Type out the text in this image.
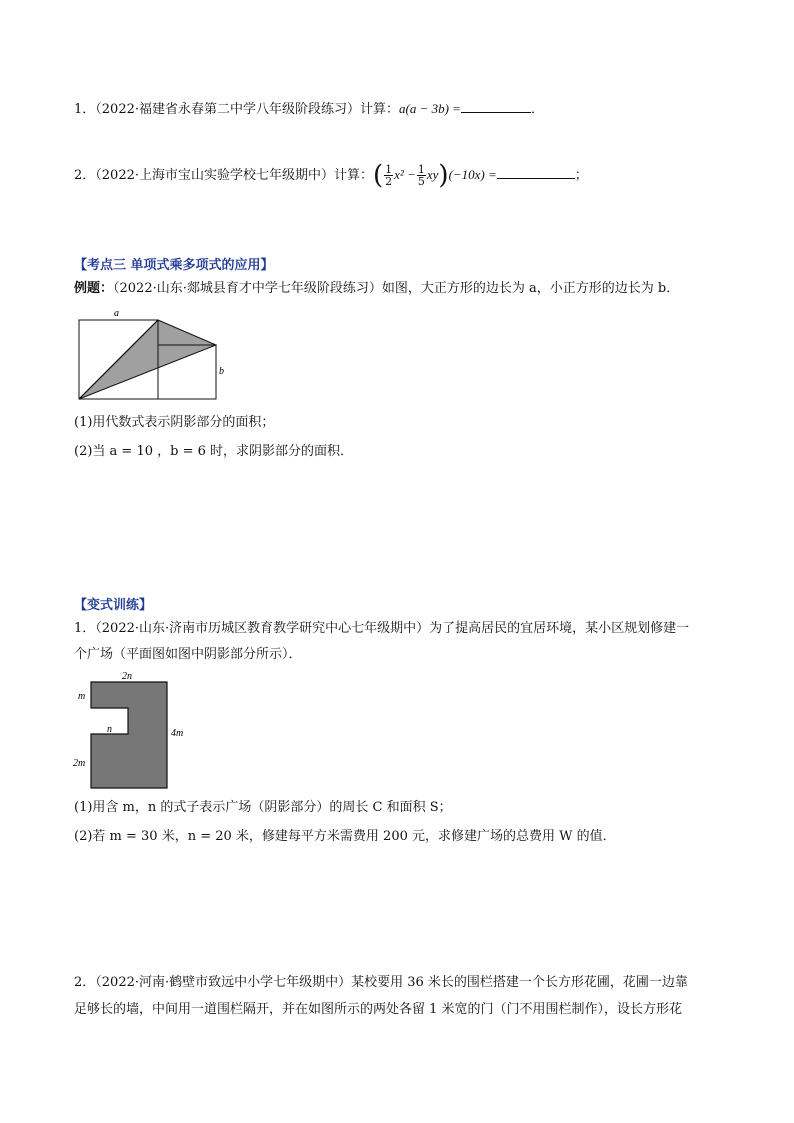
1．（2022·福建省永春第二中学八年级阶段练习）计算：a(a − 3b) =	．
2．（2022·上海市宝山实验学校七年级期中）计算：( $\frac{1}{2} x^2 - \frac{1}{5} xy)(-10x)$ =	；
【考点三 单项式乘多项式的应用】
例题：（2022·山东·郯城县育才中学七年级阶段练习）如图，大正方形的边长为 a，小正方形的边长为 b．
a
b
(1)用代数式表示阴影部分的面积；
(2)当 a = 10 ，b = 6 时，求阴影部分的面积．
【变式训练】
1．（2022·山东·济南市历城区教育教学研究中心七年级期中）为了提高居民的宜居环境，某小区规划修建一
个广场（平面图如图中阴影部分所示）．
2n
m
n	4m
2m
(1)用含 m，n 的式子表示广场（阴影部分）的周长 C 和面积 S；
(2)若 m = 30 米，n = 20 米，修建每平方米需费用 200 元，求修建广场的总费用 W 的值．
2．（2022·河南·鹤壁市致远中小学七年级期中）某校要用 36 米长的围栏搭建一个长方形花圃，花圃一边靠
足够长的墙，中间用一道围栏隔开，并在如图所示的两处各留 1 米宽的门（门不用围栏制作），设长方形花
